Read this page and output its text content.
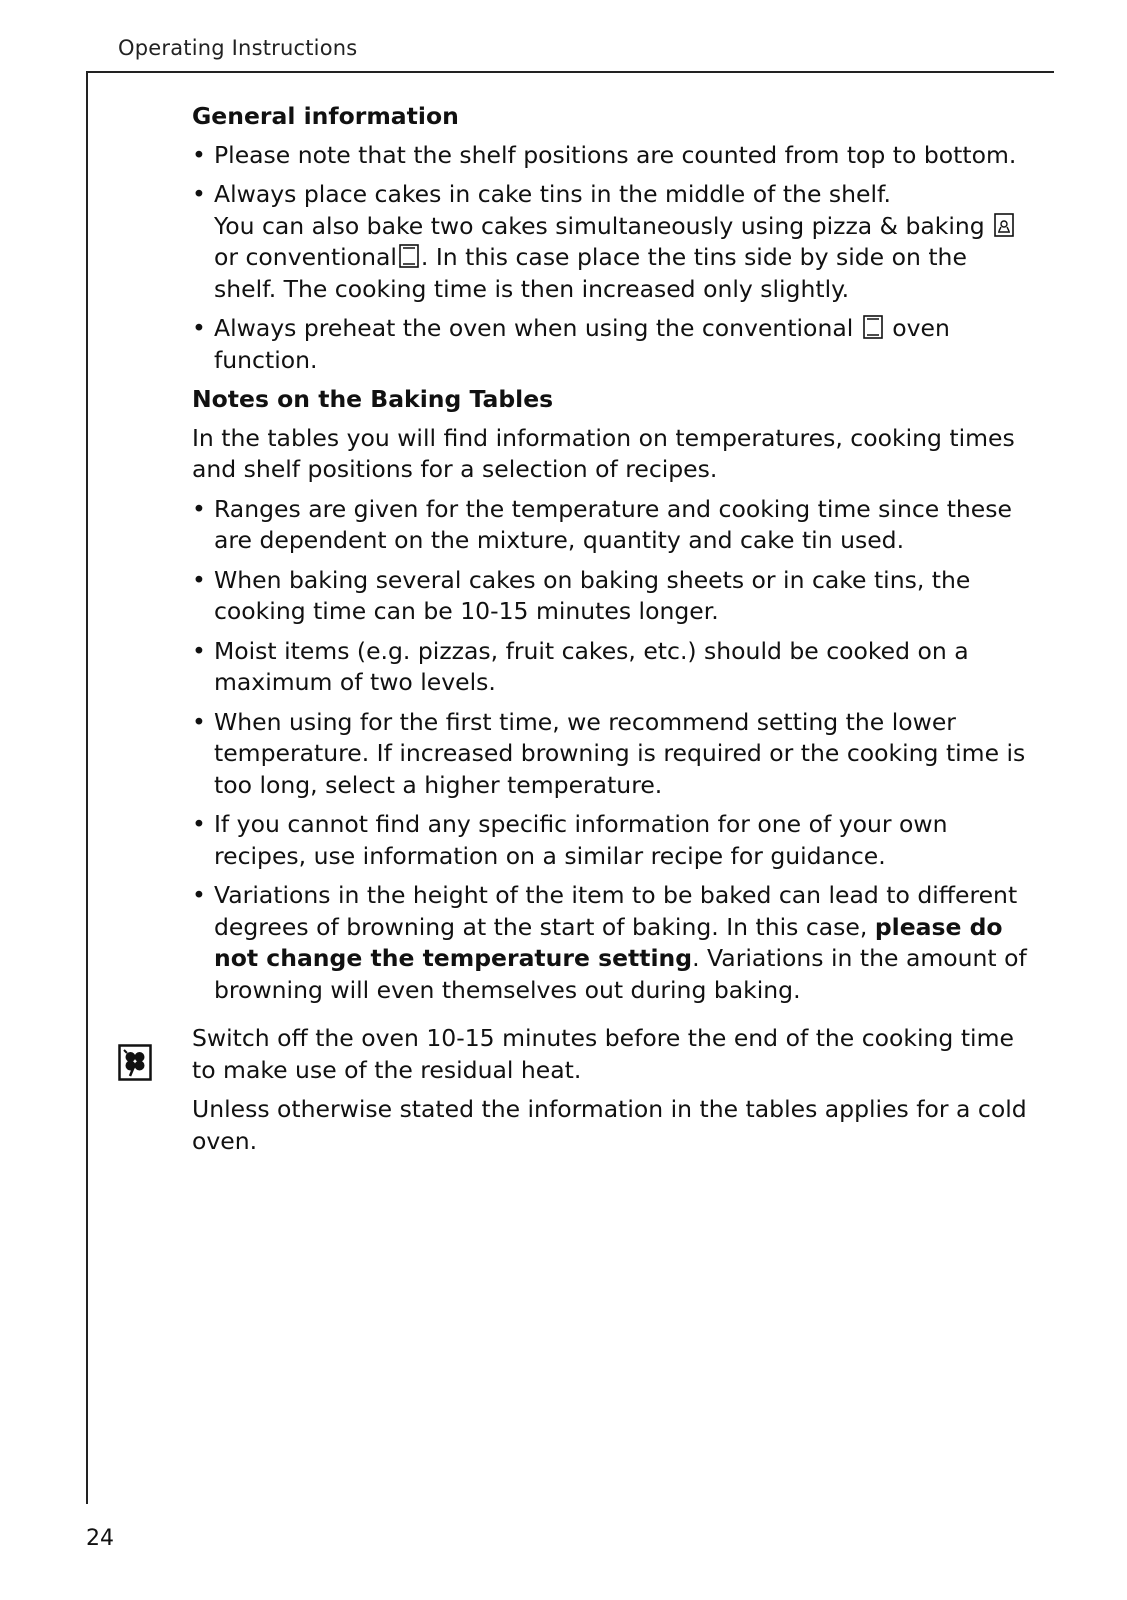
Operating Instructions
General information
• Please note that the shelf positions are counted from top to bottom.
• Always place cakes in cake tins in the middle of the shelf.
You can also bake two cakes simultaneously using pizza & baking  or conventional . In this case place the tins side by side on the shelf. The cooking time is then increased only slightly.
• Always preheat the oven when using the conventional oven function.
Notes on the Baking Tables

In the tables you will find information on temperatures, cooking times and shelf positions for a selection of recipes.

• Ranges are given for the temperature and cooking time since these are dependent on the mixture, quantity and cake tin used.
• When baking several cakes on baking sheets or in cake tins, the cooking time can be 10-15 minutes longer.
• Moist items (e.g. pizzas, fruit cakes, etc.) should be cooked on a maximum of two levels.
• When using for the first time, we recommend setting the lower temperature. If increased browning is required or the cooking time is too long, select a higher temperature.
• If you cannot find any specific information for one of your own recipes, use information on a similar recipe for guidance.
• Variations in the height of the item to be baked can lead to different degrees of browning at the start of baking. In this case, please do not change the temperature setting. Variations in the amount of browning will even themselves out during baking.

Switch off the oven 10-15 minutes before the end of the cooking time to make use of the residual heat.

Unless otherwise stated the information in the tables applies for a cold oven.

24
